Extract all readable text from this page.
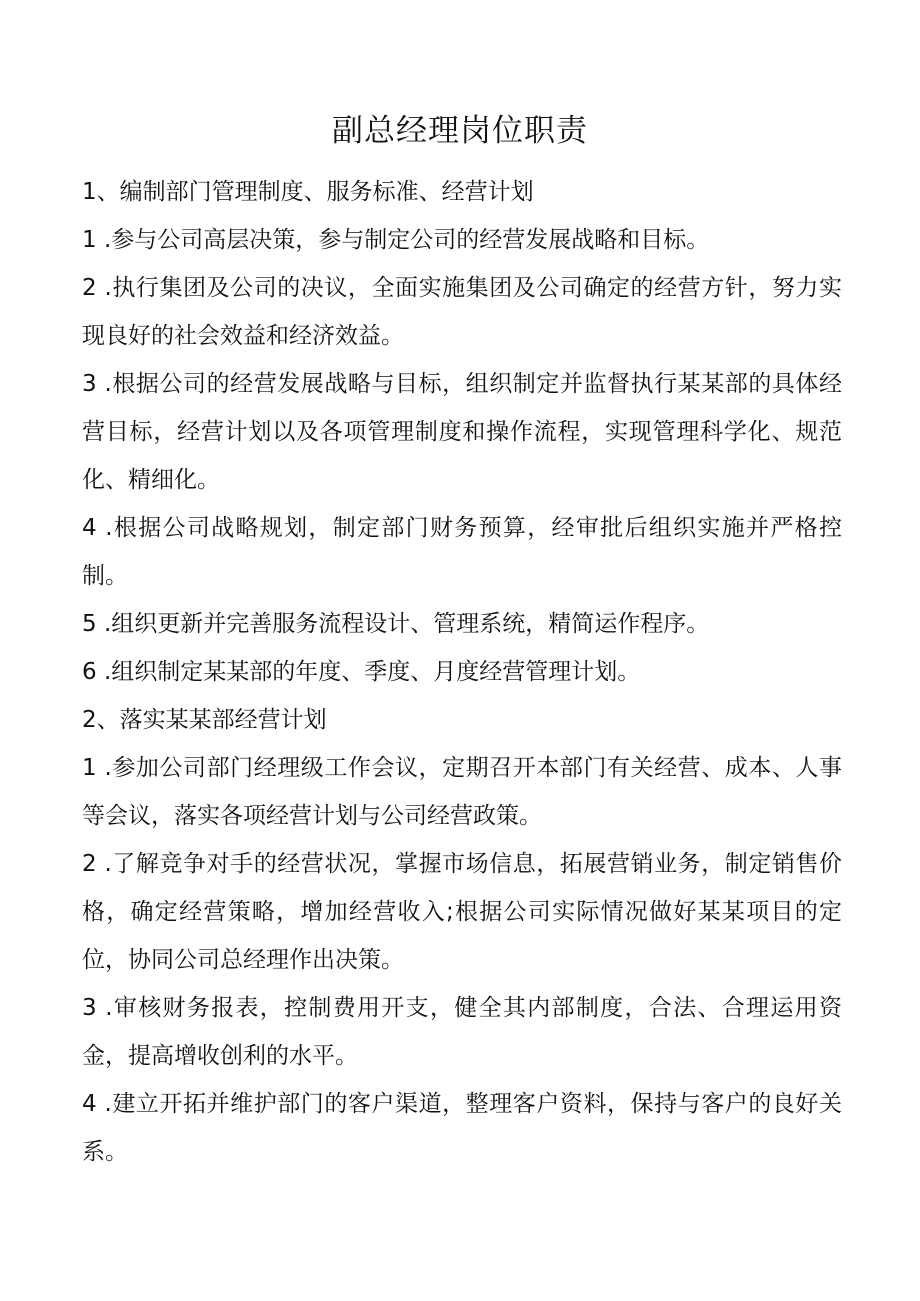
副总经理岗位职责

1、编制部门管理制度、服务标准、经营计划

1 .参与公司高层决策，参与制定公司的经营发展战略和目标。

2 .执行集团及公司的决议，全面实施集团及公司确定的经营方针，努力实现良好的社会效益和经济效益。

3 .根据公司的经营发展战略与目标，组织制定并监督执行某某部的具体经营目标，经营计划以及各项管理制度和操作流程，实现管理科学化、规范化、精细化。

4 .根据公司战略规划，制定部门财务预算，经审批后组织实施并严格控制。

5 .组织更新并完善服务流程设计、管理系统，精简运作程序。

6 .组织制定某某部的年度、季度、月度经营管理计划。

2、落实某某部经营计划

1 .参加公司部门经理级工作会议，定期召开本部门有关经营、成本、人事等会议，落实各项经营计划与公司经营政策。

2 .了解竞争对手的经营状况，掌握市场信息，拓展营销业务，制定销售价格，确定经营策略，增加经营收入;根据公司实际情况做好某某项目的定位，协同公司总经理作出决策。

3 .审核财务报表，控制费用开支，健全其内部制度，合法、合理运用资金，提高增收创利的水平。

4 .建立开拓并维护部门的客户渠道，整理客户资料，保持与客户的良好关系。
